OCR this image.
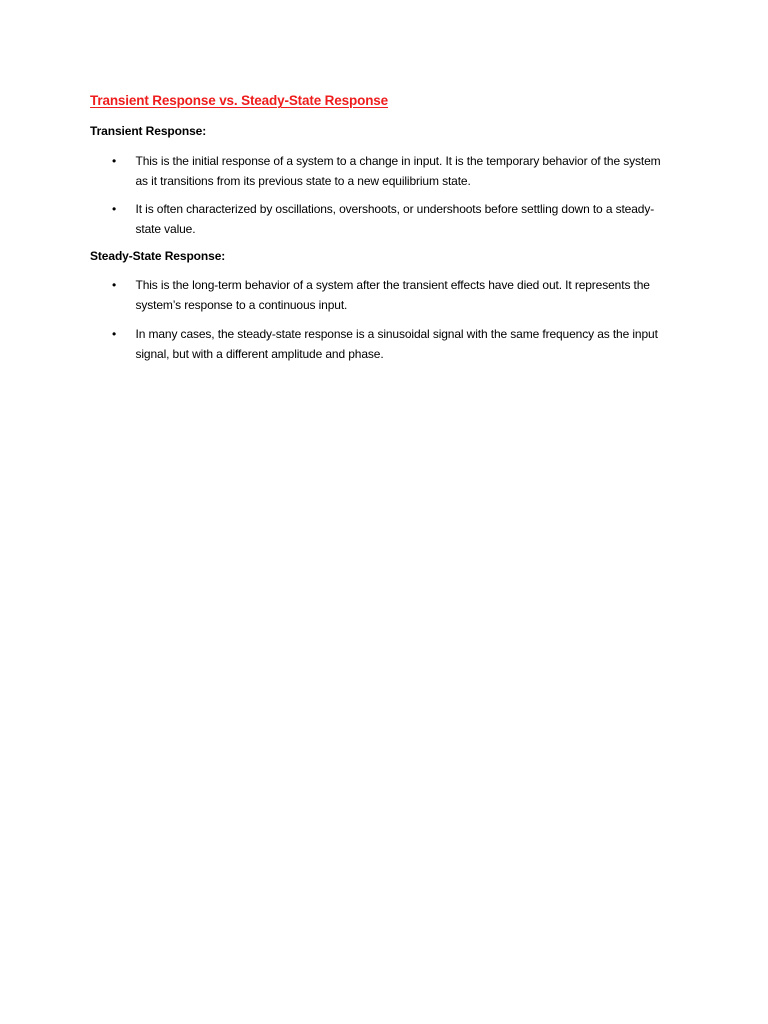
Transient Response vs. Steady-State Response
Transient Response:
• This is the initial response of a system to a change in input. It is the temporary behavior of the system as it transitions from its previous state to a new equilibrium state.
• It is often characterized by oscillations, overshoots, or undershoots before settling down to a steady-state value.
Steady-State Response:
• This is the long-term behavior of a system after the transient effects have died out. It represents the system’s response to a continuous input.
• In many cases, the steady-state response is a sinusoidal signal with the same frequency as the input signal, but with a different amplitude and phase.
